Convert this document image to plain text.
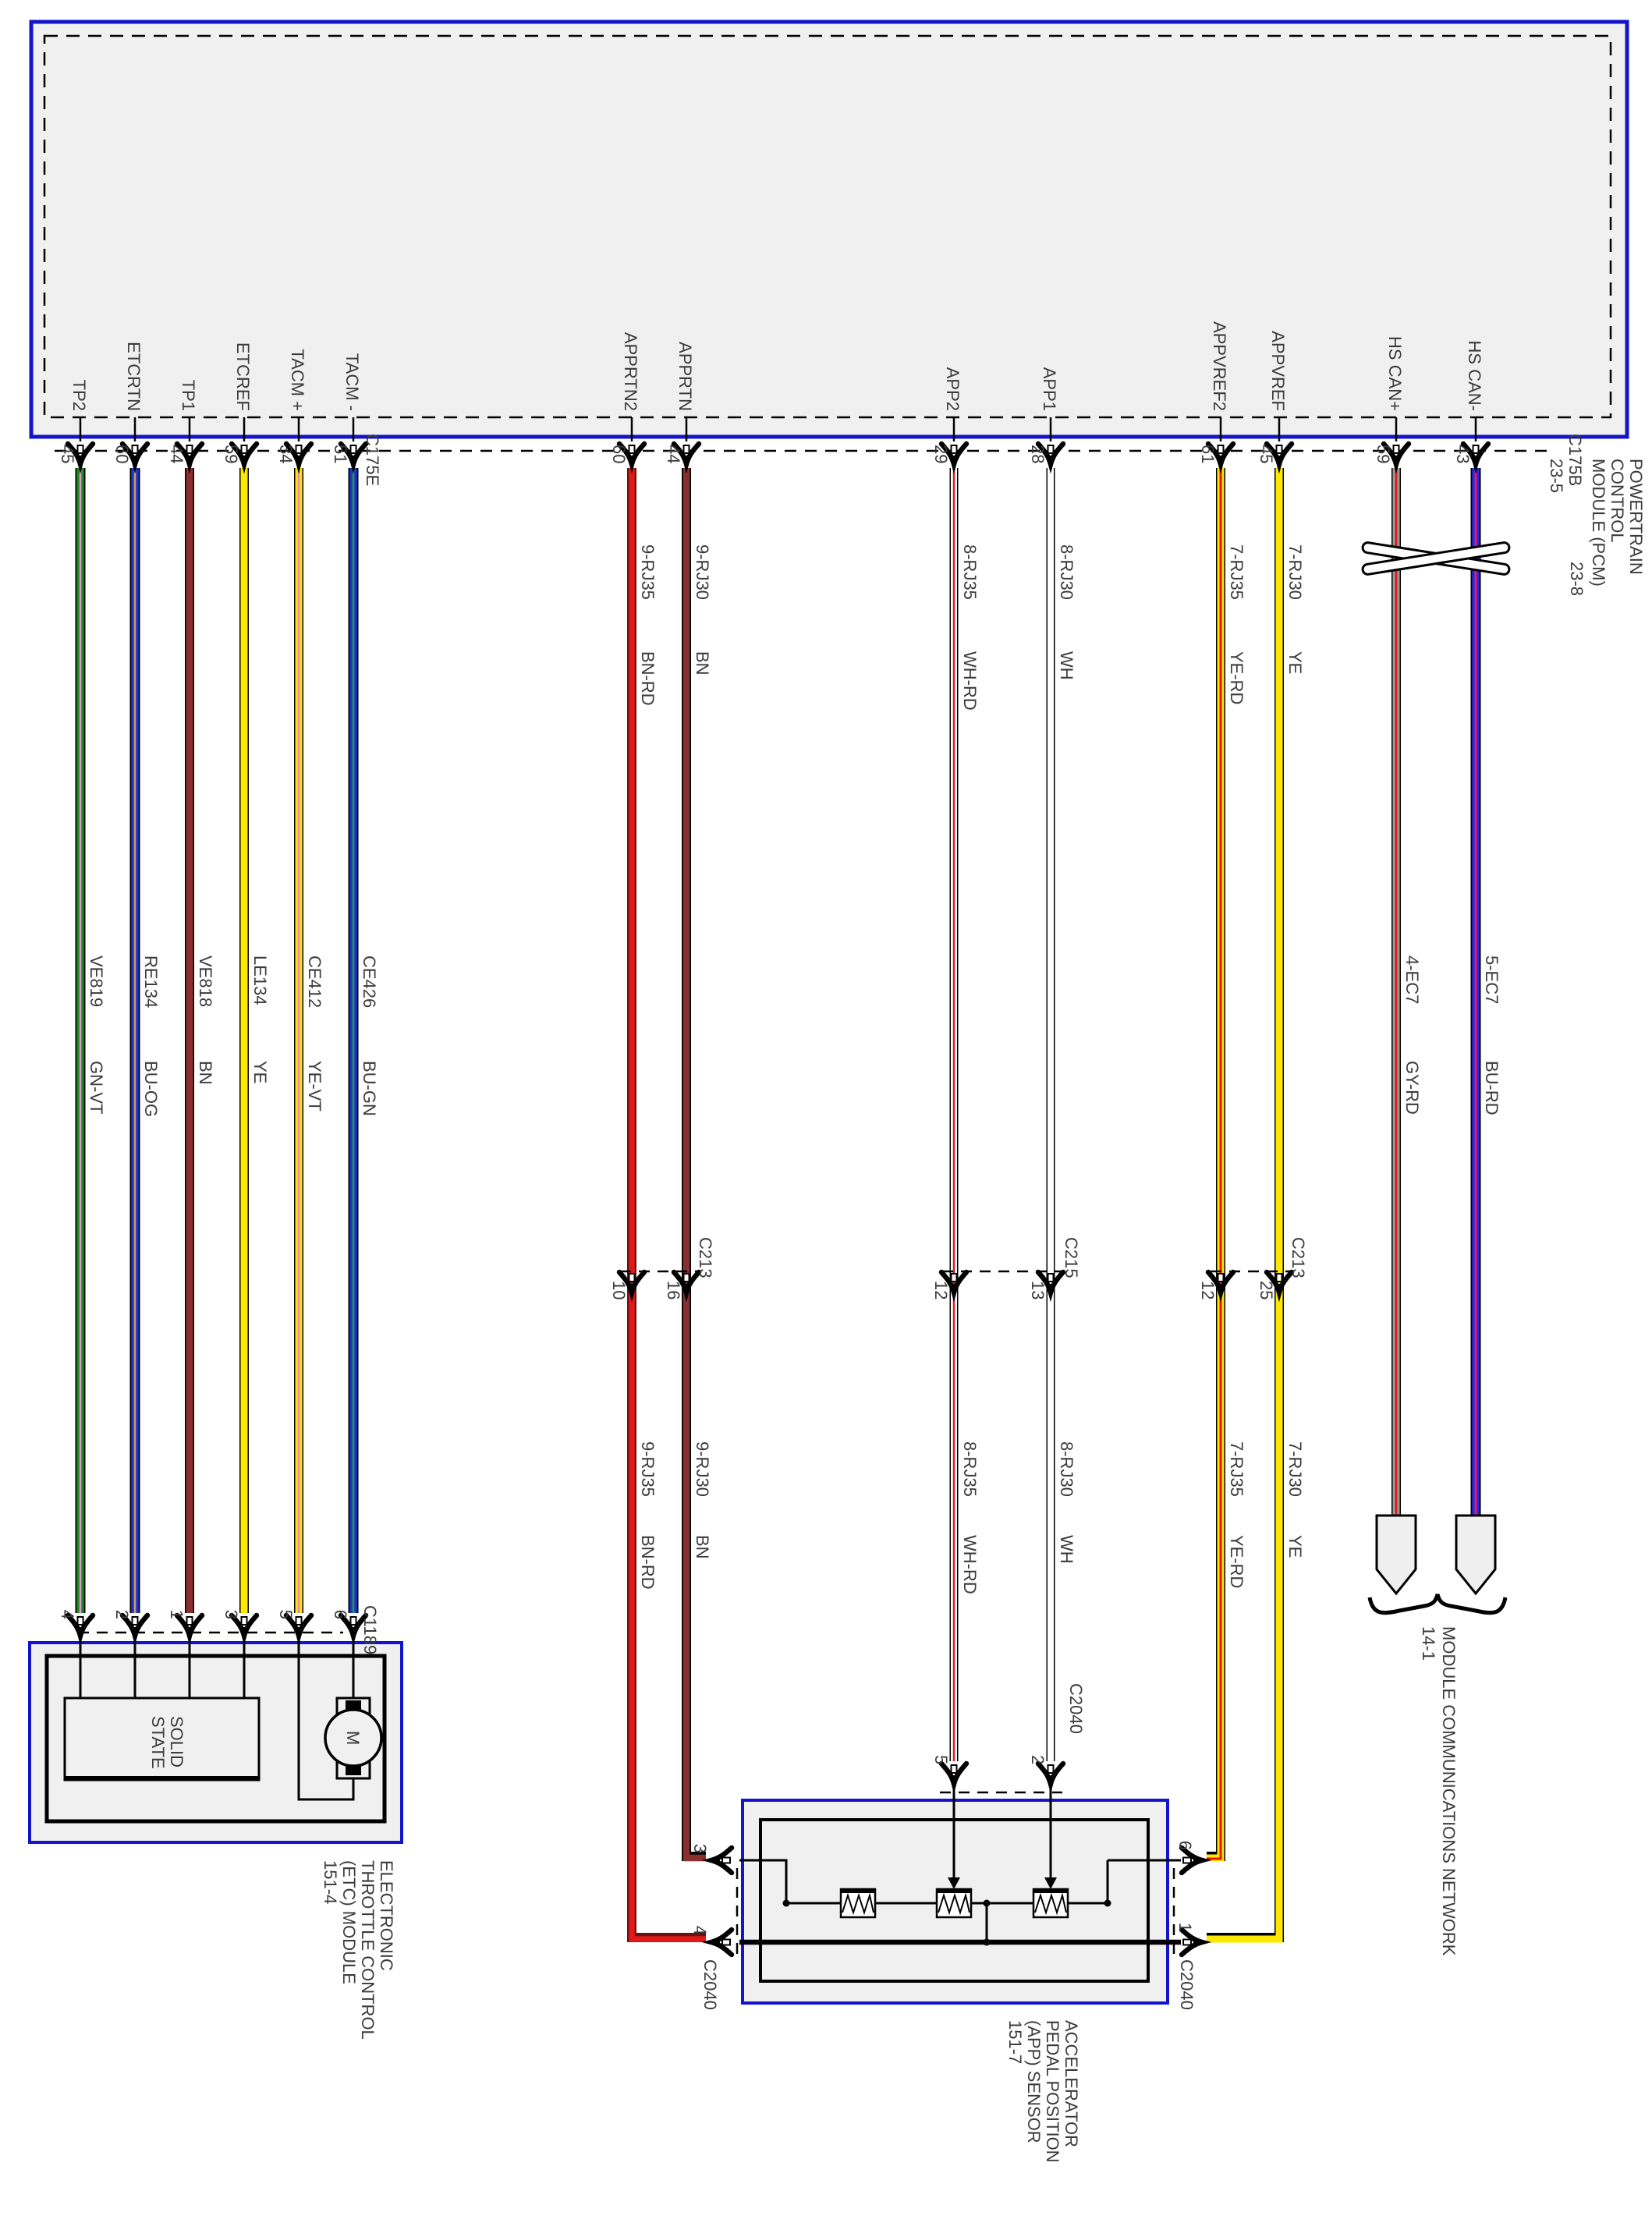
TP2 ETCRTN TP1 ETCREF TACM + TACM -	APPRTN2 APPRTN	APP2	APP1	APPVREF2 APPVREF	HS CAN+	HS CAN-
45 60 44 59 34 51	60 44	29	28	61 45	59	43
C175E	C175B POWERTRAIN
CONTROL
MODULE (PCM)
23-8
23-5
VE819
GN-VT
RE134
BU-OG
VE818
BN
LE134
YE
CE412
YE-VT
CE426
BU-GN
9-RJ35
BN-RD
9-RJ30
BN
8-RJ35
WH-RD
8-RJ30
WH
7-RJ35
YE-RD
7-RJ30
YE
4-EC7
GY-RD
5-EC7
BU-RD
10 16
C213
12	13
C215
12 25
C213
9-RJ35
BN-RD
9-RJ30
BN
8-RJ35
WH-RD
8-RJ30
WH
7-RJ35
YE-RD
7-RJ30
YE
4 2 1 3 5 6 C1189
SOLID
STATE	M
ELECTRONIC
THROTTLE CONTROL
(ETC) MODULE
151-4
5	2
C2040
3
4
C2040
6
1
C2040
ACCELERATOR
PEDAL POSITION
(APP) SENSOR
151-7
MODULE COMMUNICATIONS NETWORK
14-1
